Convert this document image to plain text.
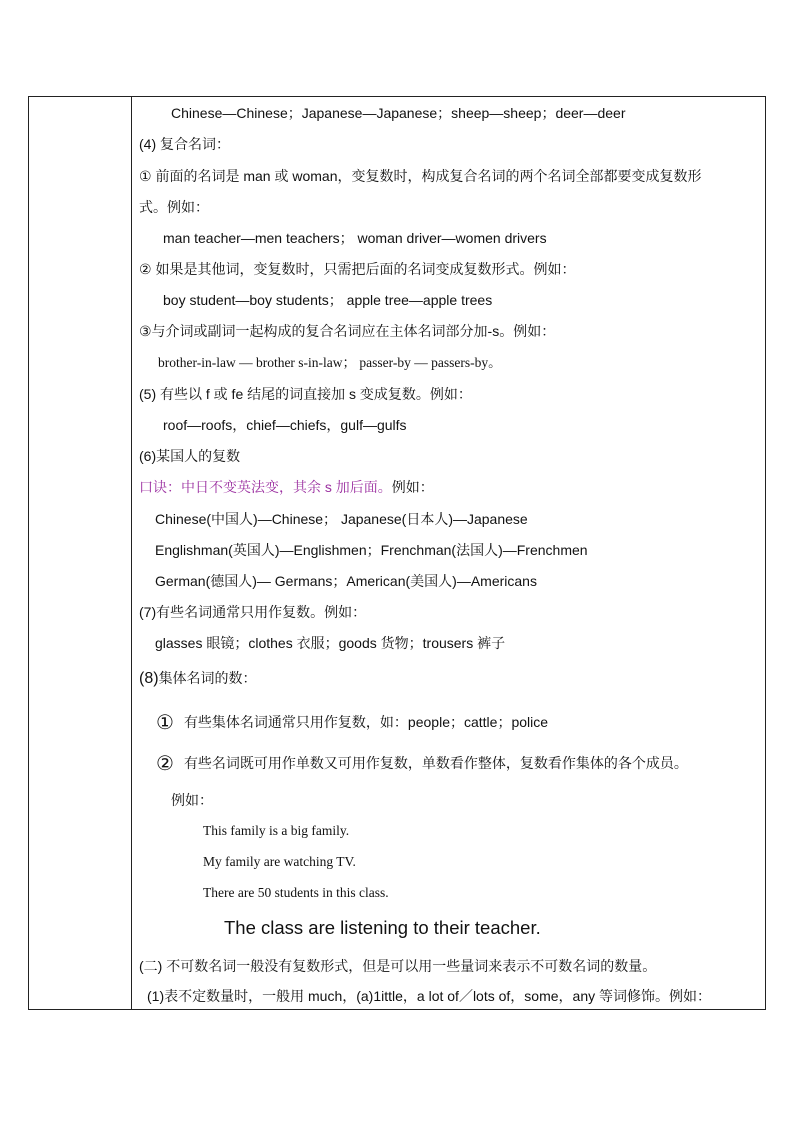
Chinese—Chinese；Japanese—Japanese；sheep—sheep；deer—deer
(4) 复合名词：
① 前面的名词是 man 或 woman，变复数时，构成复合名词的两个名词全部都要变成复数形
式。例如：
man teacher—men teachers； woman driver—women drivers
② 如果是其他词，变复数时，只需把后面的名词变成复数形式。例如：
boy student—boy students； apple tree—apple trees
③与介词或副词一起构成的复合名词应在主体名词部分加-s。例如：
brother-in-law — brother s-in-law； passer-by — passers-by。
(5) 有些以 f 或 fe 结尾的词直接加 s 变成复数。例如：
roof—roofs，chief—chiefs，gulf—gulfs
(6)某国人的复数
口诀：中日不变英法变，其余 s 加后面。例如：
Chinese(中国人)—Chinese； Japanese(日本人)—Japanese
Englishman(英国人)—Englishmen；Frenchman(法国人)—Frenchmen
German(德国人)— Germans；American(美国人)—Americans
(7)有些名词通常只用作复数。例如：
glasses 眼镜；clothes 衣服；goods 货物；trousers 裤子
(8)集体名词的数：
① 有些集体名词通常只用作复数，如：people；cattle；police
② 有些名词既可用作单数又可用作复数，单数看作整体，复数看作集体的各个成员。
例如：
This family is a big family.
My family are watching TV.
There are 50 students in this class.
The class are listening to their teacher.
(二) 不可数名词一般没有复数形式，但是可以用一些量词来表示不可数名词的数量。
(1)表不定数量时，一般用 much，(a)1ittle，a lot of／lots of，some，any 等词修饰。例如：
